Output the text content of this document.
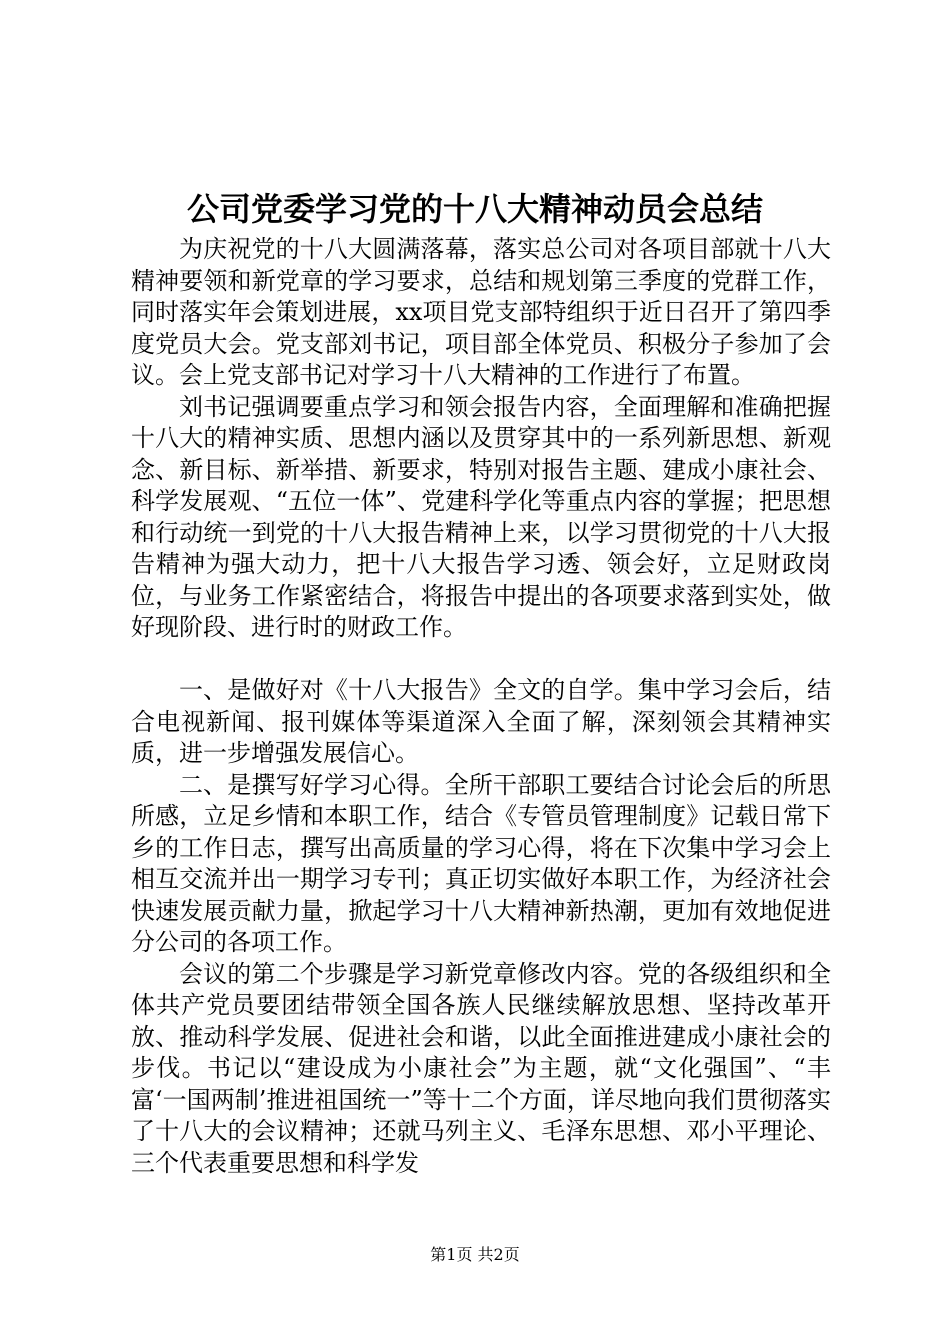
公司党委学习党的十八大精神动员会总结

为庆祝党的十八大圆满落幕，落实总公司对各项目部就十八大精神要领和新党章的学习要求，总结和规划第三季度的党群工作，同时落实年会策划进展，xx项目党支部特组织于近日召开了第四季度党员大会。党支部刘书记，项目部全体党员、积极分子参加了会议。会上党支部书记对学习十八大精神的工作进行了布置。

刘书记强调要重点学习和领会报告内容，全面理解和准确把握十八大的精神实质、思想内涵以及贯穿其中的一系列新思想、新观念、新目标、新举措、新要求，特别对报告主题、建成小康社会、科学发展观、“五位一体”、党建科学化等重点内容的掌握；把思想和行动统一到党的十八大报告精神上来，以学习贯彻党的十八大报告精神为强大动力，把十八大报告学习透、领会好，立足财政岗位，与业务工作紧密结合，将报告中提出的各项要求落到实处，做好现阶段、进行时的财政工作。

一、是做好对《十八大报告》全文的自学。集中学习会后，结合电视新闻、报刊媒体等渠道深入全面了解，深刻领会其精神实质，进一步增强发展信心。

二、是撰写好学习心得。全所干部职工要结合讨论会后的所思所感，立足乡情和本职工作，结合《专管员管理制度》记载日常下乡的工作日志，撰写出高质量的学习心得，将在下次集中学习会上相互交流并出一期学习专刊；真正切实做好本职工作，为经济社会快速发展贡献力量，掀起学习十八大精神新热潮，更加有效地促进分公司的各项工作。

会议的第二个步骤是学习新党章修改内容。党的各级组织和全体共产党员要团结带领全国各族人民继续解放思想、坚持改革开放、推动科学发展、促进社会和谐，以此全面推进建成小康社会的步伐。书记以“建设成为小康社会”为主题，就“文化强国”、“丰富‘一国两制’推进祖国统一”等十二个方面，详尽地向我们贯彻落实了十八大的会议精神；还就马列主义、毛泽东思想、邓小平理论、三个代表重要思想和科学发

第1页 共2页
